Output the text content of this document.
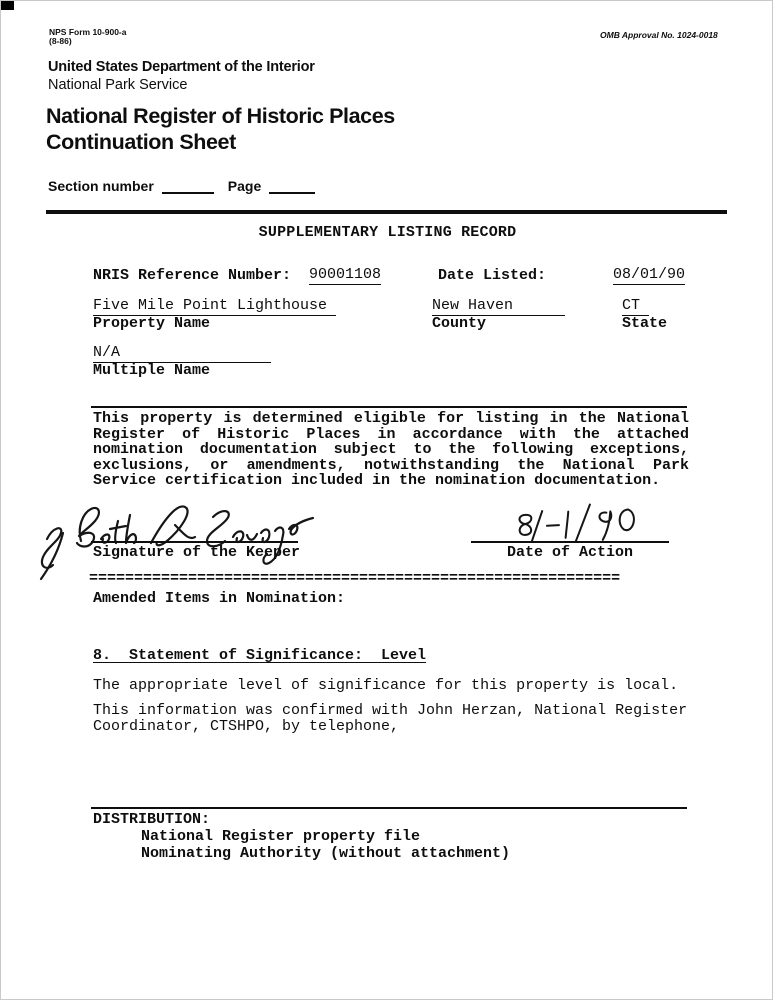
NPS Form 10-900-a
(8-86)
OMB Approval No. 1024-0018
United States Department of the Interior
National Park Service
National Register of Historic Places
Continuation Sheet
Section number	Page
SUPPLEMENTARY LISTING RECORD
NRIS Reference Number: 90001108	Date Listed:	08/01/90
Five Mile Point Lighthouse	New Haven	CT
Property Name	County	State
N/A
Multiple Name
This property is determined eligible for listing in the National Register of Historic Places in accordance with the attached nomination documentation subject to the following exceptions, exclusions, or amendments, notwithstanding the National Park Service certification included in the nomination documentation.
Signature of the Keeper	Date of Action
===========================================================
Amended Items in Nomination:
8.  Statement of Significance:  Level
The appropriate level of significance for this property is local.
This information was confirmed with John Herzan, National Register Coordinator, CTSHPO, by telephone,
DISTRIBUTION:
National Register property file
Nominating Authority (without attachment)
